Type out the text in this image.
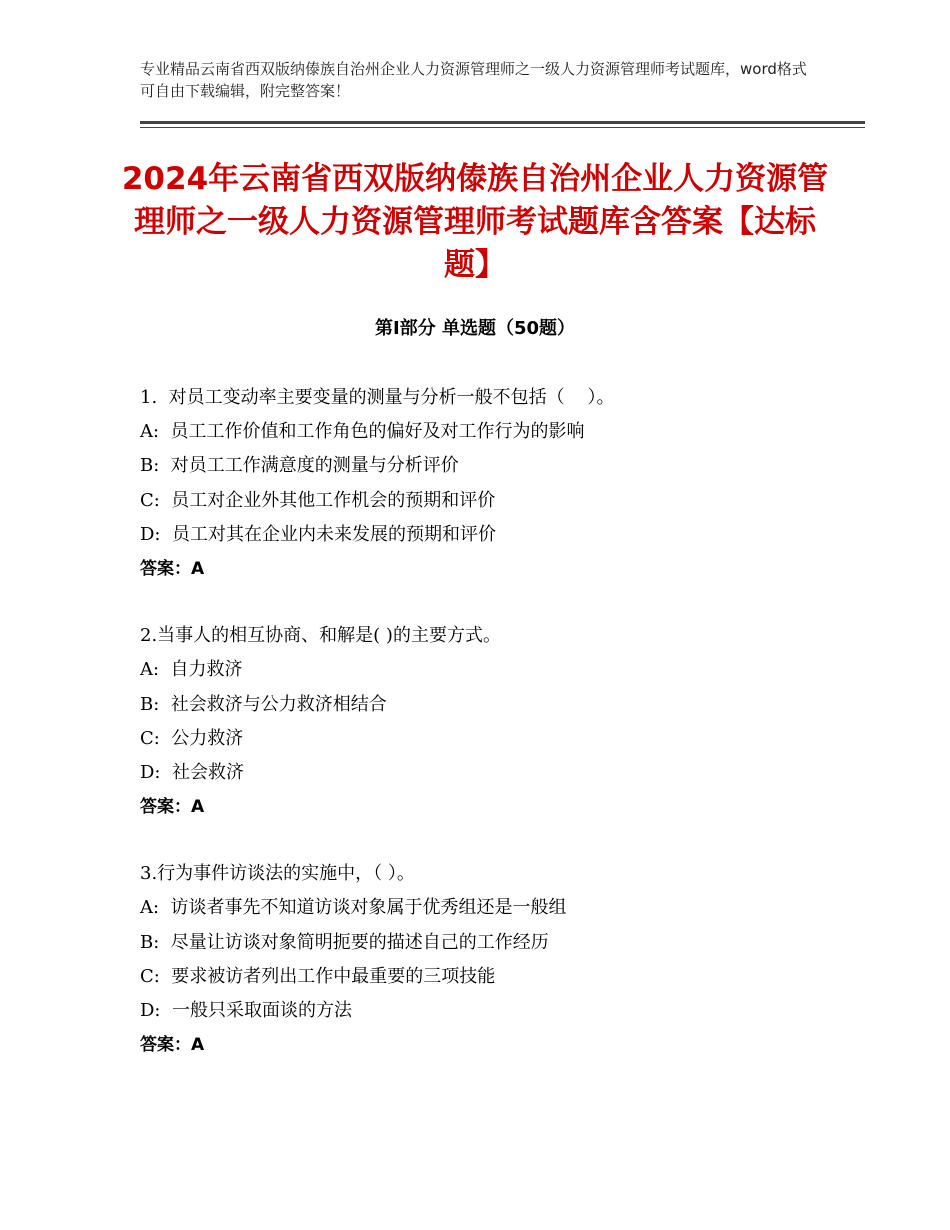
专业精品云南省西双版纳傣族自治州企业人力资源管理师之一级人力资源管理师考试题库，word格式可自由下载编辑，附完整答案！
2024年云南省西双版纳傣族自治州企业人力资源管理师之一级人力资源管理师考试题库含答案【达标题】
第Ⅰ部分 单选题（50题）
1.  对员工变动率主要变量的测量与分析一般不包括（    ）。
A:  员工工作价值和工作角色的偏好及对工作行为的影响
B:  对员工工作满意度的测量与分析评价
C:  员工对企业外其他工作机会的预期和评价
D:  员工对其在企业内未来发展的预期和评价
答案：A
2.当事人的相互协商、和解是( )的主要方式。
A:  自力救济
B:  社会救济与公力救济相结合
C:  公力救济
D:  社会救济
答案：A
3.行为事件访谈法的实施中，（ ）。
A:  访谈者事先不知道访谈对象属于优秀组还是一般组
B:  尽量让访谈对象简明扼要的描述自己的工作经历
C:  要求被访者列出工作中最重要的三项技能
D:  一般只采取面谈的方法
答案：A
